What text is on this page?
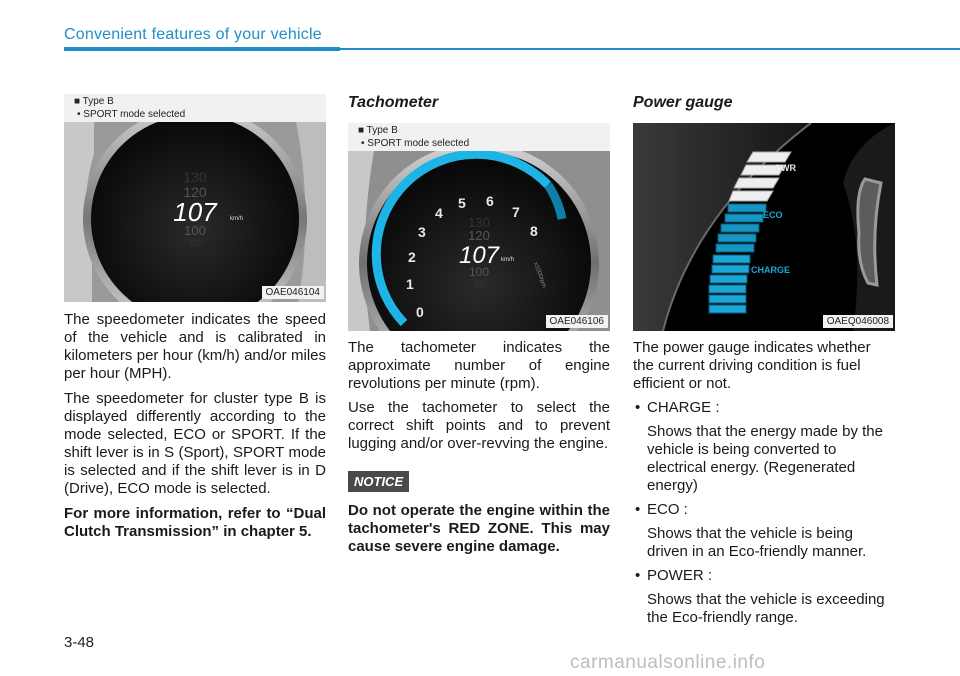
Convenient features of your vehicle
130
120
107 km/h
100
80
■ Type B
• SPORT mode selected
OAE046104

The speedometer indicates the speed of the vehicle and is calibrated in kilometers per hour (km/h) and/or miles per hour (MPH).

The speedometer for cluster type B is displayed differently according to the mode selected, ECO or SPORT. If the shift lever is in S (Sport), SPORT mode is selected and if the shift lever is in D (Drive), ECO mode is selected.

For more information, refer to “Dual Clutch Transmission” in chapter 5.

Tachometer
0
1
2
3
4
5 6
7
8
x1000rpm
130
120
107 km/h
100
80
■ Type B
• SPORT mode selected
OAE046106

The tachometer indicates the approximate number of engine revolutions per minute (rpm).

Use the tachometer to select the correct shift points and to prevent lugging and/or over-revving the engine.

NOTICE

Do not operate the engine within the tachometer's RED ZONE. This may cause severe engine damage.

Power gauge
PWR
ECO
CHARGE
OAEQ046008

The power gauge indicates whether the current driving condition is fuel efficient or not.

• CHARGE :

Shows that the energy made by the vehicle is being converted to electrical energy. (Regenerated energy)

• ECO :

Shows that the vehicle is being driven in an Eco-friendly manner.

• POWER :

Shows that the vehicle is exceeding the Eco-friendly range.

3-48
carmanualsonline.info
